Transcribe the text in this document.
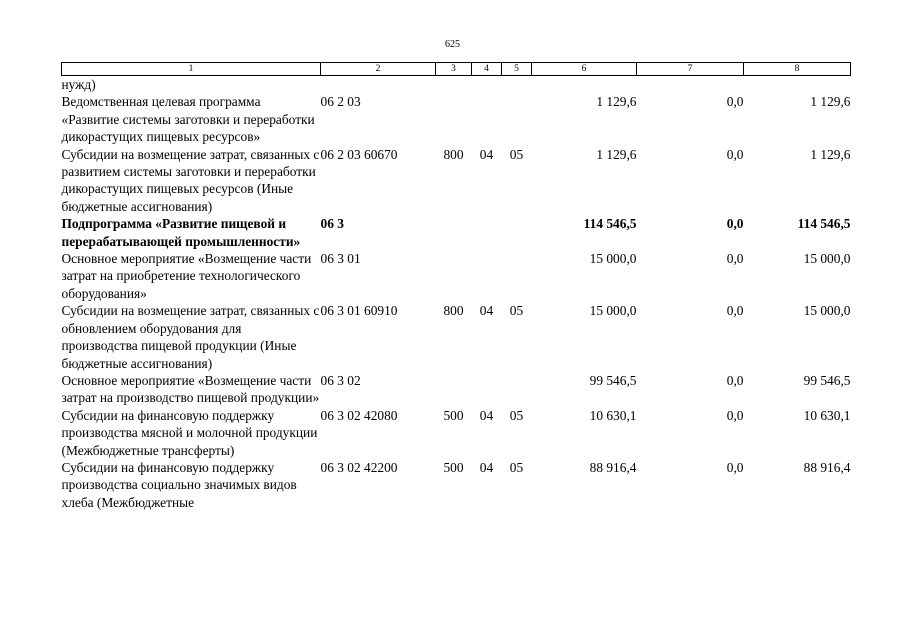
625
1	2	3	4	5	6	7	8
нужд)							
Ведомственная целевая программа «Развитие системы заготовки и переработки дикорастущих пищевых ресурсов»	06 2 03				1 129,6	0,0	1 129,6
Субсидии на возмещение затрат, связанных с развитием системы заготовки и переработки дикорастущих пищевых ресурсов (Иные бюджетные ассигнования)	06 2 03 60670	800	04	05	1 129,6	0,0	1 129,6
Подпрограмма «Развитие пищевой и перерабатывающей промышленности»	06 3				114 546,5	0,0	114 546,5
Основное мероприятие «Возмещение части затрат на приобретение технологического оборудования»	06 3 01				15 000,0	0,0	15 000,0
Субсидии на возмещение затрат, связанных с обновлением оборудования для производства пищевой продукции (Иные бюджетные ассигнования)	06 3 01 60910	800	04	05	15 000,0	0,0	15 000,0
Основное мероприятие «Возмещение части затрат на производство пищевой продукции»	06 3 02				99 546,5	0,0	99 546,5
Субсидии на финансовую поддержку производства мясной и молочной продукции (Межбюджетные трансферты)	06 3 02 42080	500	04	05	10 630,1	0,0	10 630,1
Субсидии на финансовую поддержку производства социально значимых видов хлеба (Межбюджетные	06 3 02 42200	500	04	05	88 916,4	0,0	88 916,4
